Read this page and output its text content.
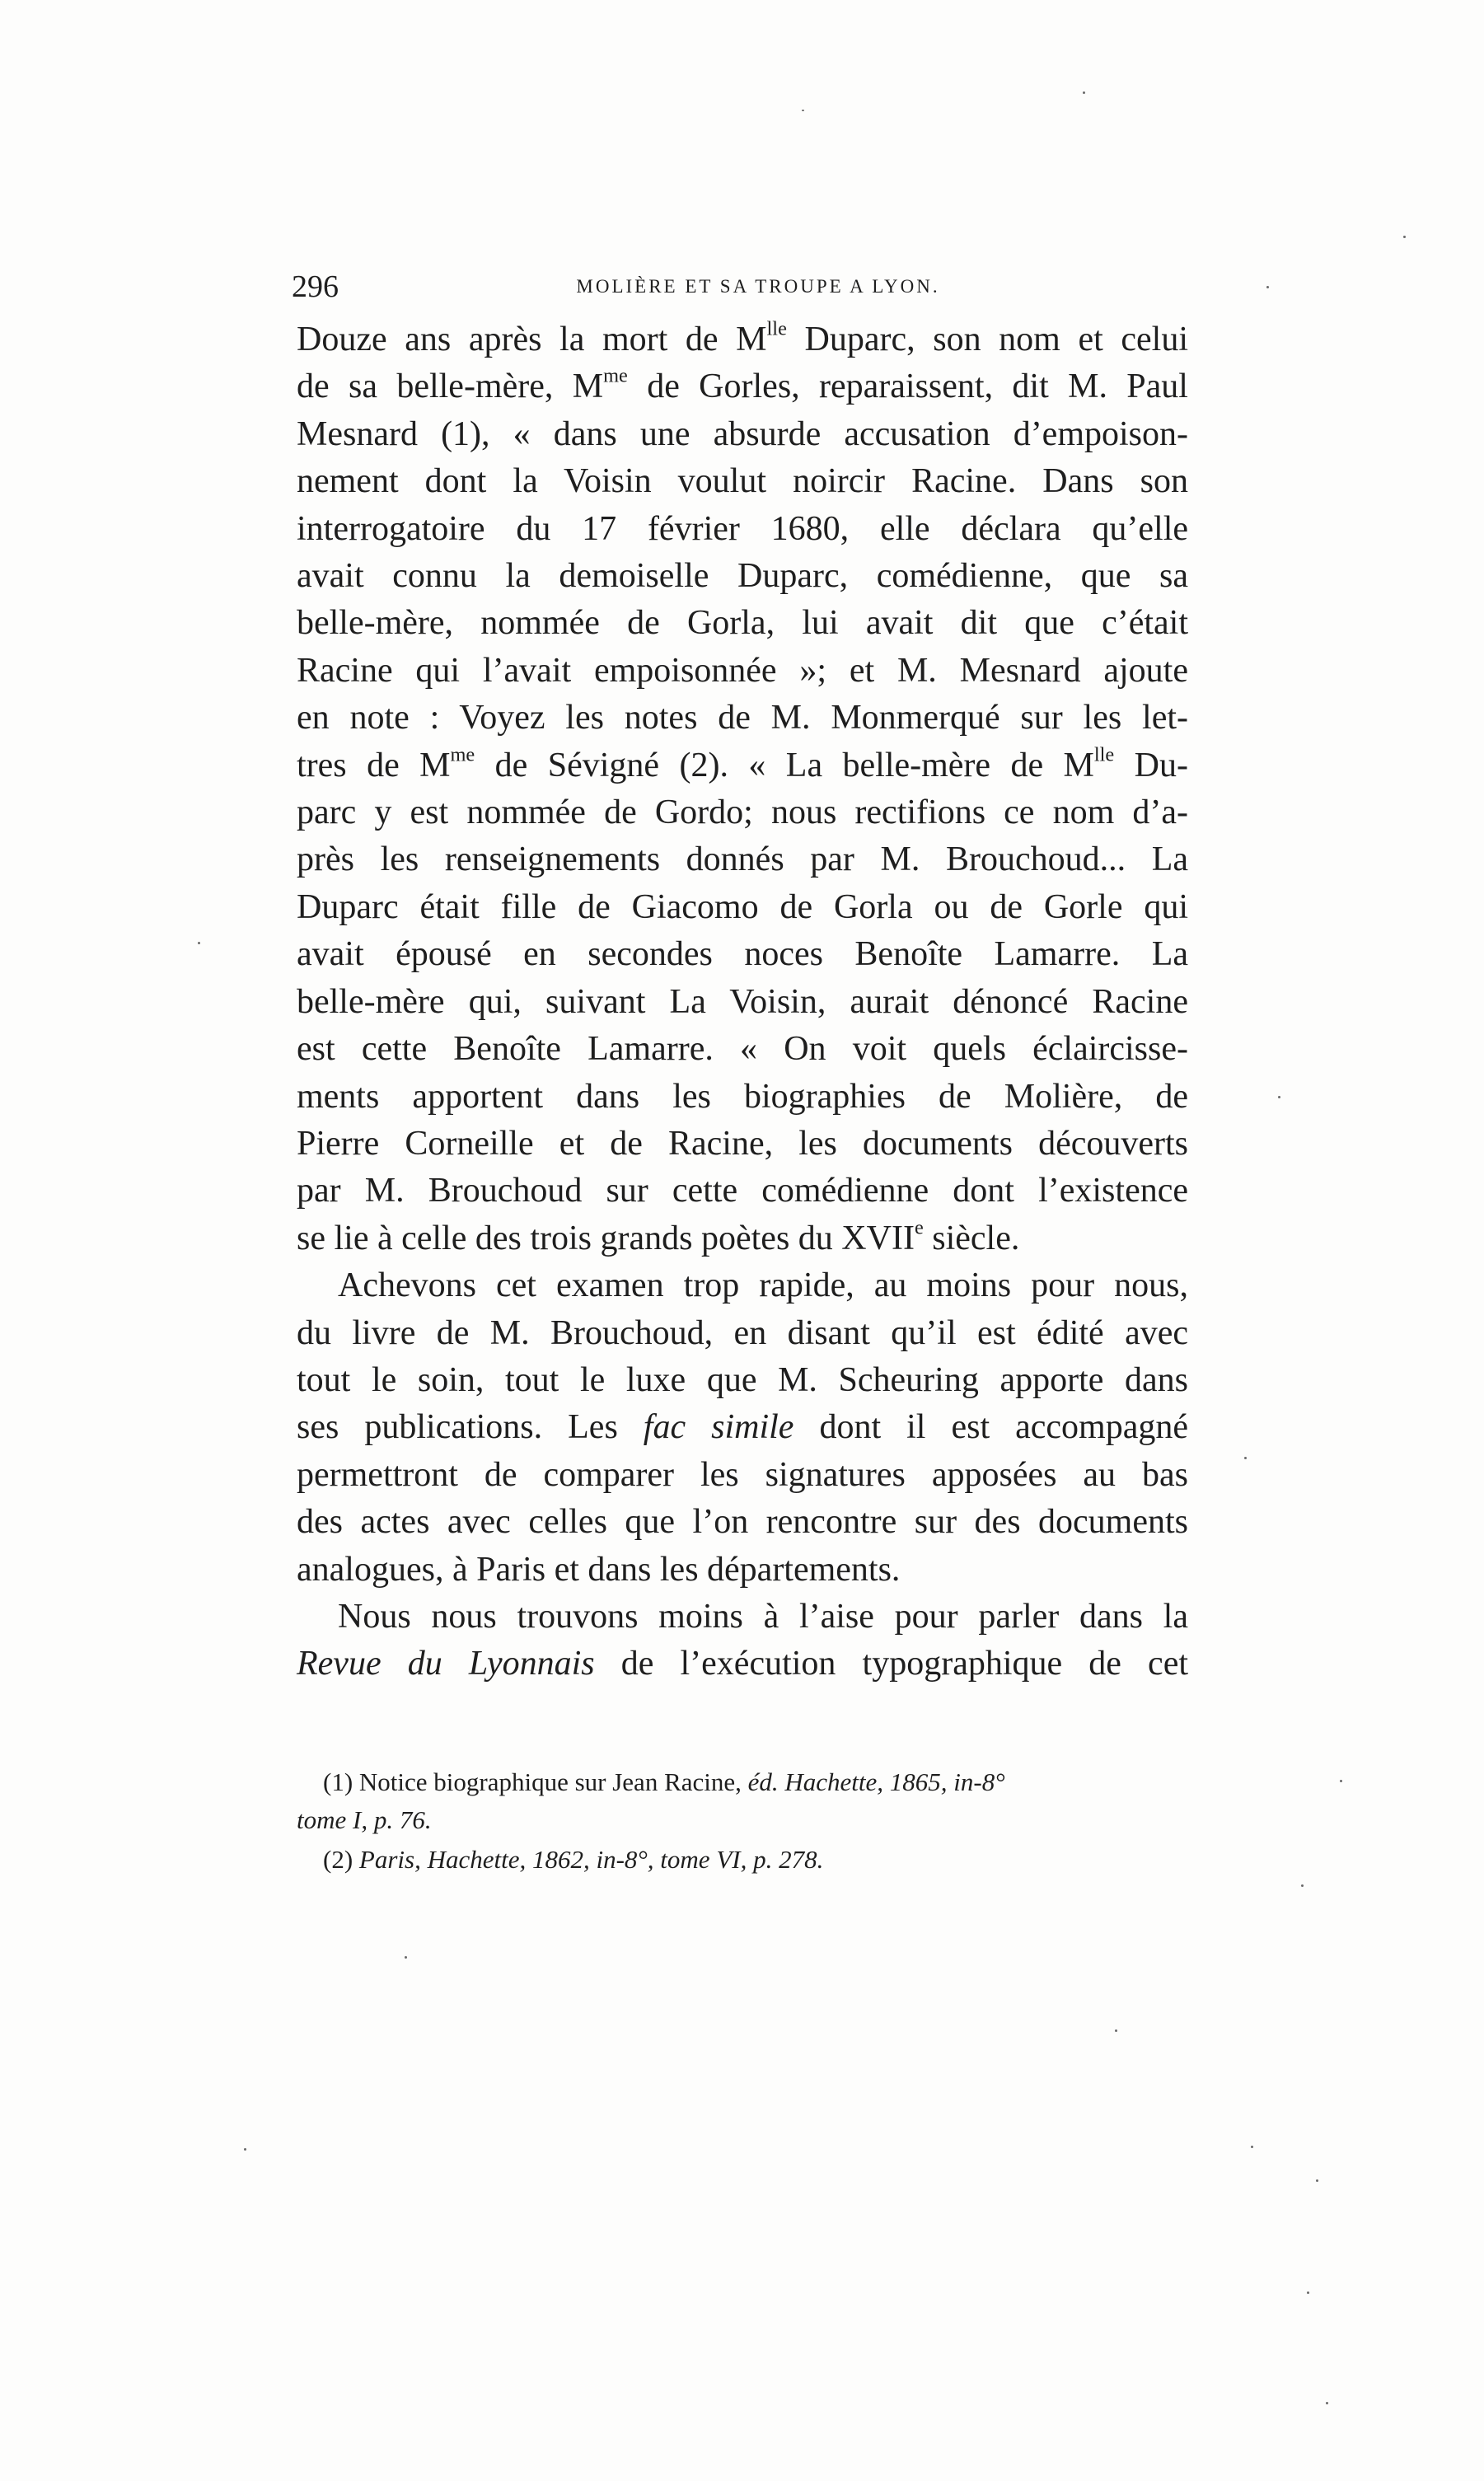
296	MOLIÈRE ET SA TROUPE A LYON.

Douze ans après la mort de $M^{lle}$ Duparc, son nom et celui
de sa belle-mère, $M^{me}$ de Gorles, reparaissent, dit M. Paul
Mesnard (1), « dans une absurde accusation d’empoison-
nement dont la Voisin voulut noircir Racine. Dans son
interrogatoire du 17 février 1680, elle déclara qu’elle
avait connu la demoiselle Duparc, comédienne, que sa
belle-mère, nommée de Gorla, lui avait dit que c’était
Racine qui l’avait empoisonnée »; et M. Mesnard ajoute
en note : Voyez les notes de M. Monmerqué sur les let-
tres de $M^{me}$ de Sévigné (2). « La belle-mère de $M^{lle}$ Du-
parc y est nommée de Gordo; nous rectifions ce nom d’a-
près les renseignements donnés par M. Brouchoud... La
Duparc était fille de Giacomo de Gorla ou de Gorle qui
avait épousé en secondes noces Benoîte Lamarre. La
belle-mère qui, suivant La Voisin, aurait dénoncé Racine
est cette Benoîte Lamarre. « On voit quels éclaircisse-
ments apportent dans les biographies de Molière, de
Pierre Corneille et de Racine, les documents découverts
par M. Brouchoud sur cette comédienne dont l’existence
se lie à celle des trois grands poètes du XVIIe siècle.

Achevons cet examen trop rapide, au moins pour nous,
du livre de M. Brouchoud, en disant qu’il est édité avec
tout le soin, tout le luxe que M. Scheuring apporte dans
ses publications. Les fac simile dont il est accompagné
permettront de comparer les signatures apposées au bas
des actes avec celles que l’on rencontre sur des documents
analogues, à Paris et dans les départements.

Nous nous trouvons moins à l’aise pour parler dans la
Revue du Lyonnais de l’exécution typographique de cet

(1) Notice biographique sur Jean Racine, éd. Hachette, 1865, in-8°

tome I, p. 76.

(2) Paris, Hachette, 1862, in-8°, tome VI, p. 278.
